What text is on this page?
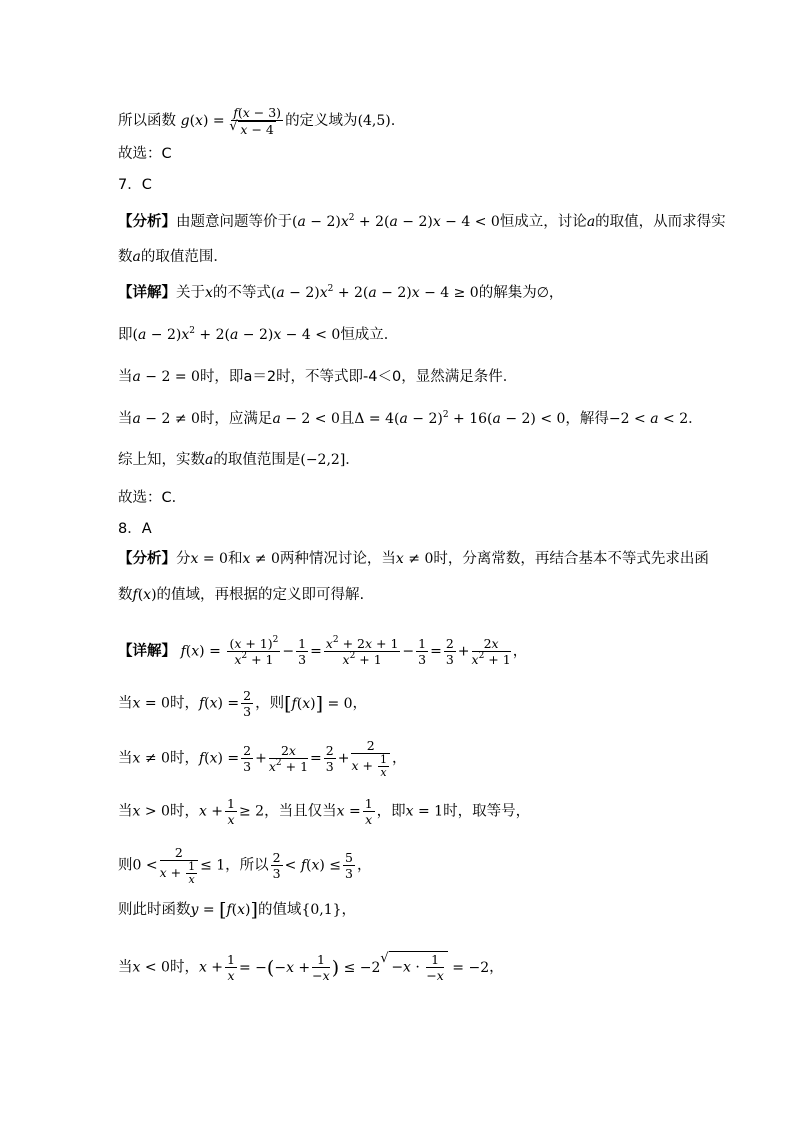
所以函数 g(x) = f(x − 3)
√ x − 4 的定义域为(4,5).
故选：C
7．C
【分析】由题意问题等价于$(a - 2)x^2 + 2(a - 2)x - 4 < 0$恒成立，讨论a的取值，从而求得实
数a的取值范围．
【详解】关于x的不等式$(a - 2)x^2 + 2(a - 2)x - 4 \ge 0$的解集为∅，
即$(a - 2)x^2 + 2(a - 2)x - 4 < 0$恒成立．
当a − 2 = 0时，即a＝2时，不等式即-4＜0，显然满足条件．
当a − 2 ≠ 0时，应满足a − 2 < 0且$\Delta = 4(a - 2)^2 + 16(a - 2) < 0$，解得−2 < a < 2．
综上知，实数a的取值范围是(−2,2]．
故选：C．
8．A
【分析】分x = 0和x ≠ 0两种情况讨论，当x ≠ 0时，分离常数，再结合基本不等式先求出函
数f(x)的值域，再根据的定义即可得解.
【详解】 $f(x) = \frac{(x + 1)^2}{x^2 + 1} - \frac{1}{3} = \frac{x^2 + 2x + 1}{x^2 + 1} - \frac{1}{3} = \frac{2}{3} + \frac{2x}{x^2 + 1}$ ，
当x = 0时，$f(x) = \frac{2}{3}$ ，则[f(x)] = 0，
当x ≠ 0时，$f(x) = \frac{2}{3} + \frac{2x}{x^2 + 1} = \frac{2}{3} + \frac{2}{x + \frac{1}{x}}$ ，
当x > 0时，$x + \frac{1}{x} \ge 2$，当且仅当$x = \frac{1}{x}$ ，即x = 1时，取等号，
则$0 < \frac{2}{x + \frac{1}{x}} \le 1$，所以 $\frac{2}{3} < f(x) \le \frac{5}{3}$ ，
则此时函数y = [f(x)]的值域{0,1}，
当x < 0时，$x + \frac{1}{x} = -(-x + \frac{1}{-x}$ ) ≤ −2  √ $-x \cdot \frac{1}{-x} = -2$，
